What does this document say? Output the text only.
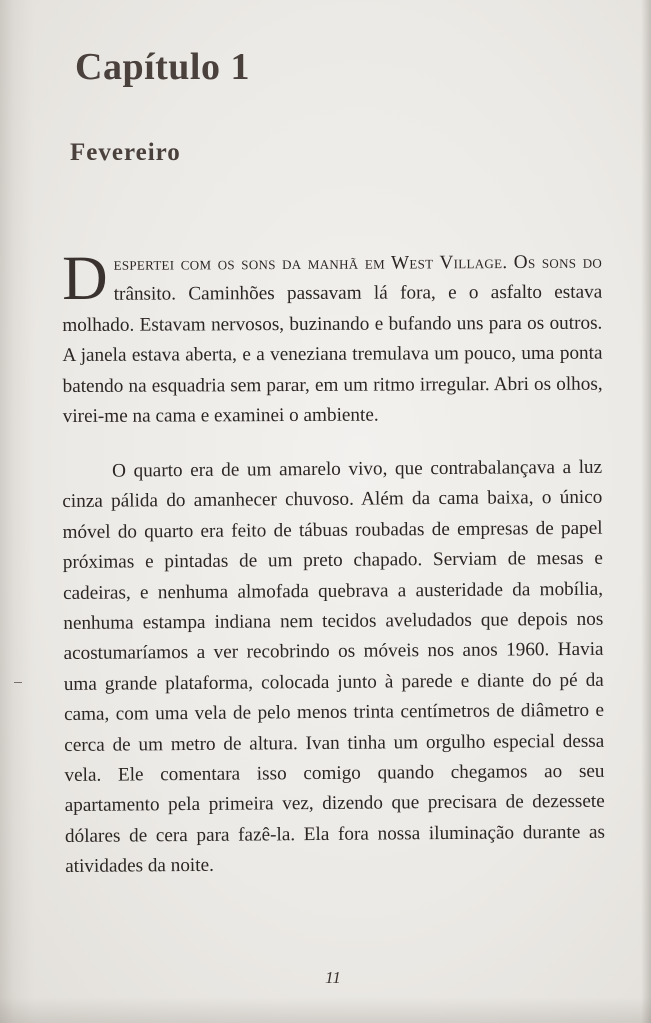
Capítulo 1
Fevereiro

Despertei com os sons da manhã em West Village. Os sons do trânsito. Caminhões passavam lá fora, e o asfalto estava molhado. Estavam nervosos, buzinando e bufando uns para os outros. A janela estava aberta, e a veneziana tremulava um pouco, uma ponta batendo na esquadria sem parar, em um ritmo irregular. Abri os olhos, virei-me na cama e examinei o ambiente.

O quarto era de um amarelo vivo, que contrabalançava a luz cinza pálida do amanhecer chuvoso. Além da cama baixa, o único móvel do quarto era feito de tábuas roubadas de empresas de papel próximas e pintadas de um preto chapado. Serviam de mesas e cadeiras, e nenhuma almofada quebrava a austeridade da mobília, nenhuma estampa indiana nem tecidos aveludados que depois nos acostumaríamos a ver recobrindo os móveis nos anos 1960. Havia uma grande plataforma, colocada junto à parede e diante do pé da cama, com uma vela de pelo menos trinta centímetros de diâmetro e cerca de um metro de altura. Ivan tinha um orgulho especial dessa vela. Ele comentara isso comigo quando chegamos ao seu apartamento pela primeira vez, dizendo que precisara de dezessete dólares de cera para fazê-la. Ela fora nossa iluminação durante as atividades da noite.

11
